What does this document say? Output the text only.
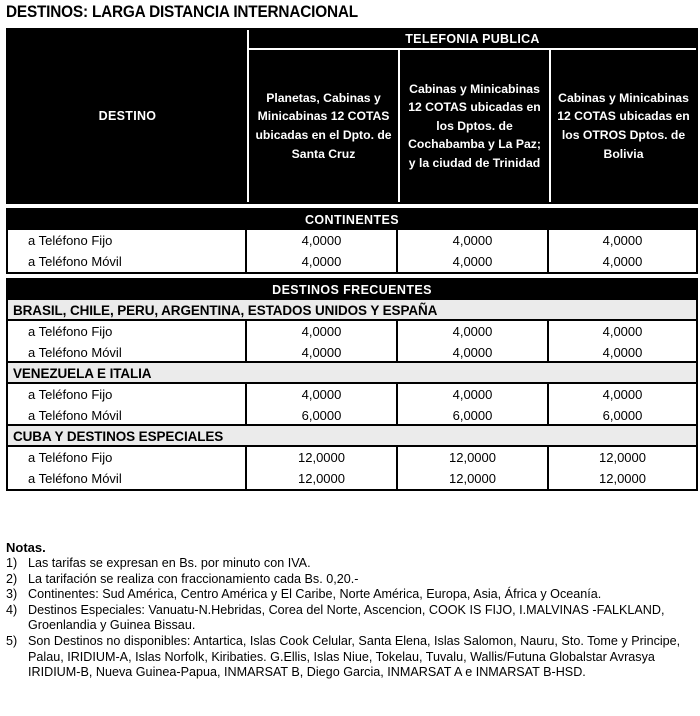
DESTINOS: LARGA DISTANCIA INTERNACIONAL
DESTINO
TELEFONIA PUBLICA
Planetas, Cabinas y Minicabinas 12 COTAS ubicadas en el Dpto. de Santa Cruz
Cabinas y Minicabinas 12 COTAS ubicadas en los Dptos. de Cochabamba y La Paz; y la ciudad de Trinidad
Cabinas y Minicabinas 12 COTAS ubicadas en los OTROS Dptos. de Bolivia
CONTINENTES
a Teléfono Fijo	4,0000	4,0000	4,0000
a Teléfono Móvil	4,0000	4,0000	4,0000
DESTINOS FRECUENTES
BRASIL, CHILE, PERU, ARGENTINA, ESTADOS UNIDOS Y ESPAÑA
a Teléfono Fijo	4,0000	4,0000	4,0000
a Teléfono Móvil	4,0000	4,0000	4,0000
VENEZUELA E ITALIA
a Teléfono Fijo	4,0000	4,0000	4,0000
a Teléfono Móvil	6,0000	6,0000	6,0000
CUBA Y DESTINOS ESPECIALES
a Teléfono Fijo	12,0000	12,0000	12,0000
a Teléfono Móvil	12,0000	12,0000	12,0000
Notas.
1) Las tarifas se expresan en Bs. por minuto con IVA.
2) La tarifación se realiza con fraccionamiento cada Bs. 0,20.-
3) Continentes: Sud América, Centro América y El Caribe, Norte América, Europa, Asia, África y Oceanía.
4) Destinos Especiales: Vanuatu-N.Hebridas, Corea del Norte, Ascencion, COOK IS FIJO, I.MALVINAS -FALKLAND, Groenlandia y Guinea Bissau.
5) Son Destinos no disponibles: Antartica, Islas Cook Celular, Santa Elena, Islas Salomon, Nauru, Sto. Tome y Principe, Palau, IRIDIUM-A, Islas Norfolk, Kiribaties. G.Ellis, Islas Niue, Tokelau, Tuvalu, Wallis/Futuna Globalstar Avrasya IRIDIUM-B, Nueva Guinea-Papua, INMARSAT B, Diego Garcia, INMARSAT A e INMARSAT B-HSD.
